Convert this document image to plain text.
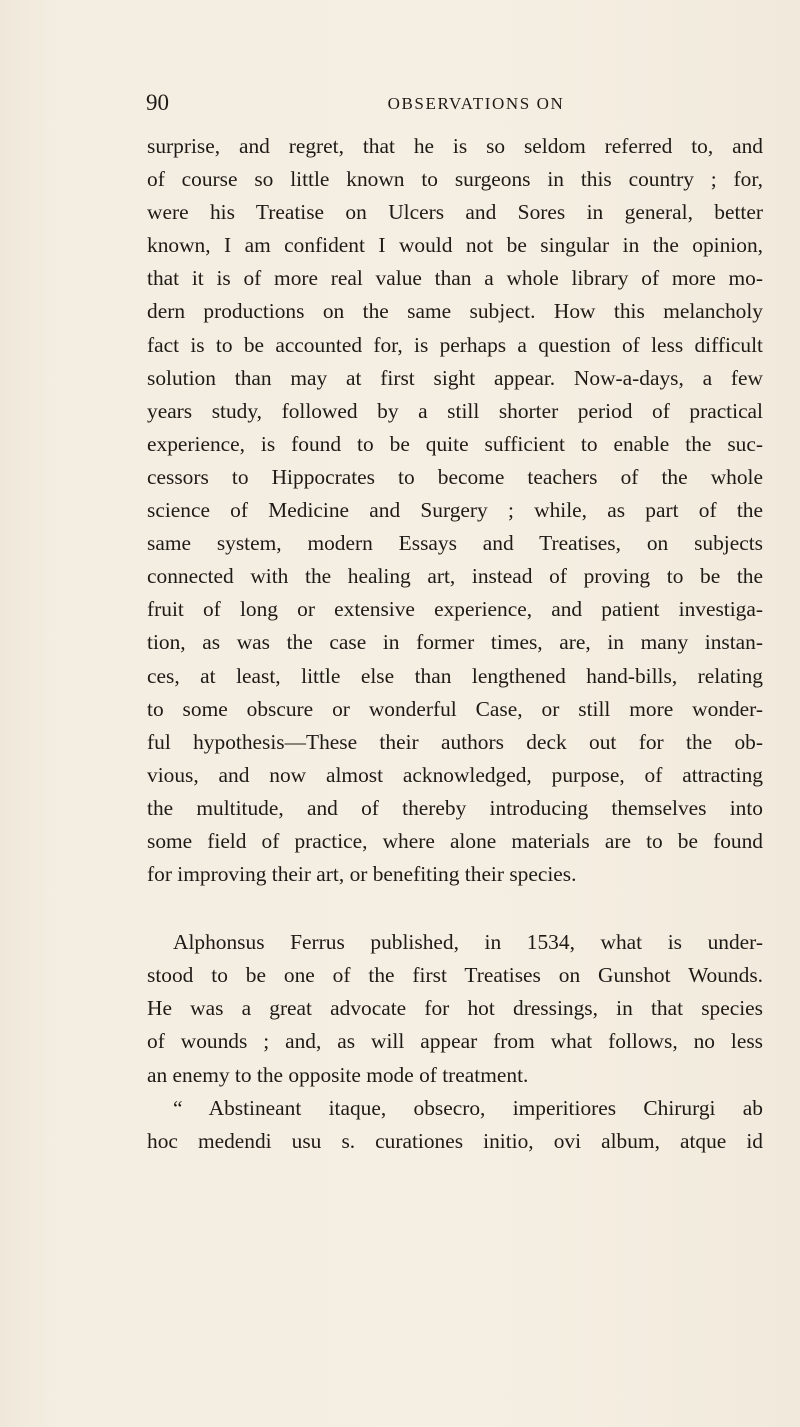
90	OBSERVATIONS ON
surprise, and regret, that he is so seldom referred to, and
of course so little known to surgeons in this country ; for,
were his Treatise on Ulcers and Sores in general, better
known, I am confident I would not be singular in the opinion,
that it is of more real value than a whole library of more mo-
dern productions on the same subject. How this melancholy
fact is to be accounted for, is perhaps a question of less difficult
solution than may at first sight appear. Now-a-days, a few
years study, followed by a still shorter period of practical
experience, is found to be quite sufficient to enable the suc-
cessors to Hippocrates to become teachers of the whole
science of Medicine and Surgery ; while, as part of the
same system, modern Essays and Treatises, on subjects
connected with the healing art, instead of proving to be the
fruit of long or extensive experience, and patient investiga-
tion, as was the case in former times, are, in many instan-
ces, at least, little else than lengthened hand-bills, relating
to some obscure or wonderful Case, or still more wonder-
ful hypothesis—These their authors deck out for the ob-
vious, and now almost acknowledged, purpose, of attracting
the multitude, and of thereby introducing themselves into
some field of practice, where alone materials are to be found
for improving their art, or benefiting their species.
Alphonsus Ferrus published, in 1534, what is under-
stood to be one of the first Treatises on Gunshot Wounds.
He was a great advocate for hot dressings, in that species
of wounds ; and, as will appear from what follows, no less
an enemy to the opposite mode of treatment.
“ Abstineant itaque, obsecro, imperitiores Chirurgi ab
hoc medendi usu s. curationes initio, ovi album, atque id
